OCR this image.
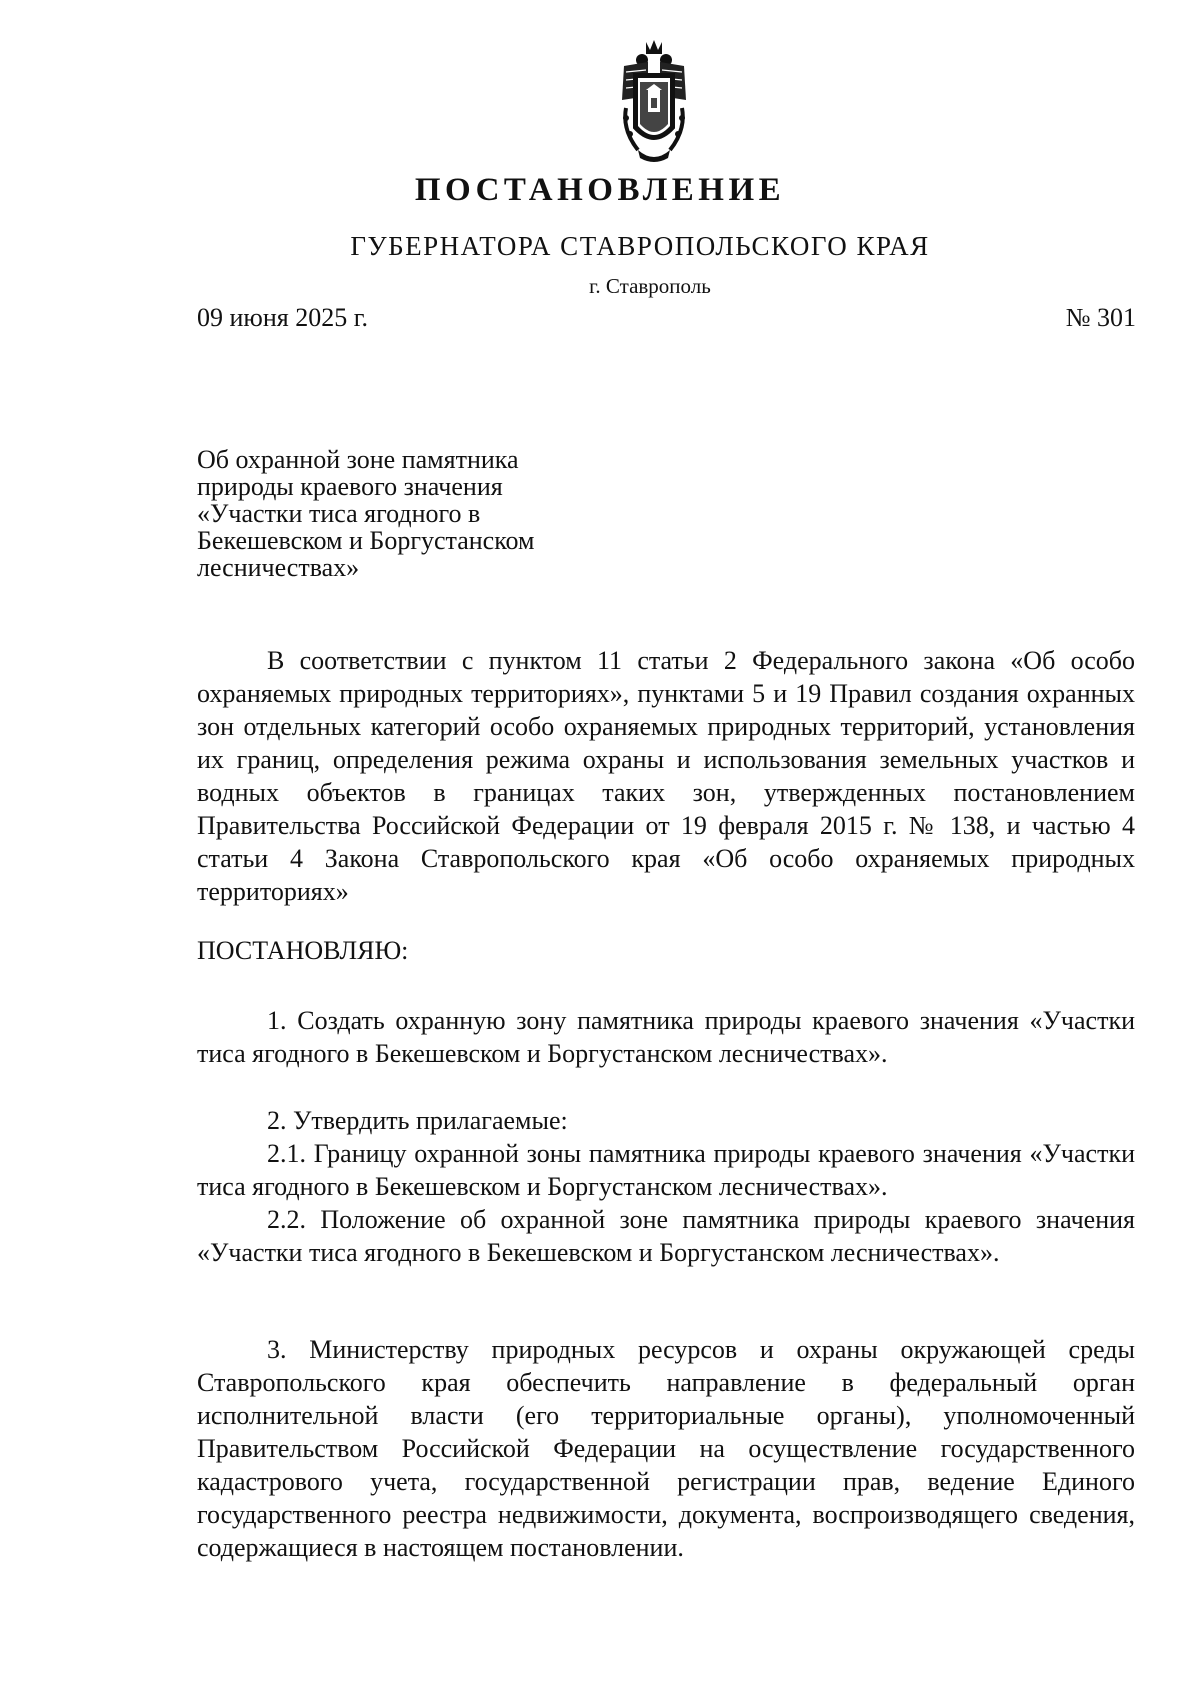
ПОСТАНОВЛЕНИЕ
ГУБЕРНАТОРА СТАВРОПОЛЬСКОГО КРАЯ
г. Ставрополь
09 июня 2025 г.	№ 301
Об охранной зоне памятника
природы краевого значения
«Участки тиса ягодного в
Бекешевском и Боргустанском
лесничествах»
В соответствии с пунктом 11 статьи 2 Федерального закона «Об особо охраняемых природных территориях», пунктами 5 и 19 Правил создания охранных зон отдельных категорий особо охраняемых природных территорий, установления их границ, определения режима охраны и использования земельных участков и водных объектов в границах таких зон, утвержденных постановлением Правительства Российской Федерации от 19 февраля 2015 г. № 138, и частью 4 статьи 4 Закона Ставропольского края «Об особо охраняемых природных территориях»
ПОСТАНОВЛЯЮ:
1. Создать охранную зону памятника природы краевого значения «Участки тиса ягодного в Бекешевском и Боргустанском лесничествах».
2. Утвердить прилагаемые:
2.1. Границу охранной зоны памятника природы краевого значения «Участки тиса ягодного в Бекешевском и Боргустанском лесничествах».
2.2. Положение об охранной зоне памятника природы краевого значения «Участки тиса ягодного в Бекешевском и Боргустанском лесничествах».
3. Министерству природных ресурсов и охраны окружающей среды Ставропольского края обеспечить направление в федеральный орган исполнительной власти (его территориальные органы), уполномоченный Правительством Российской Федерации на осуществление государственного кадастрового учета, государственной регистрации прав, ведение Единого государственного реестра недвижимости, документа, воспроизводящего сведения, содержащиеся в настоящем постановлении.
